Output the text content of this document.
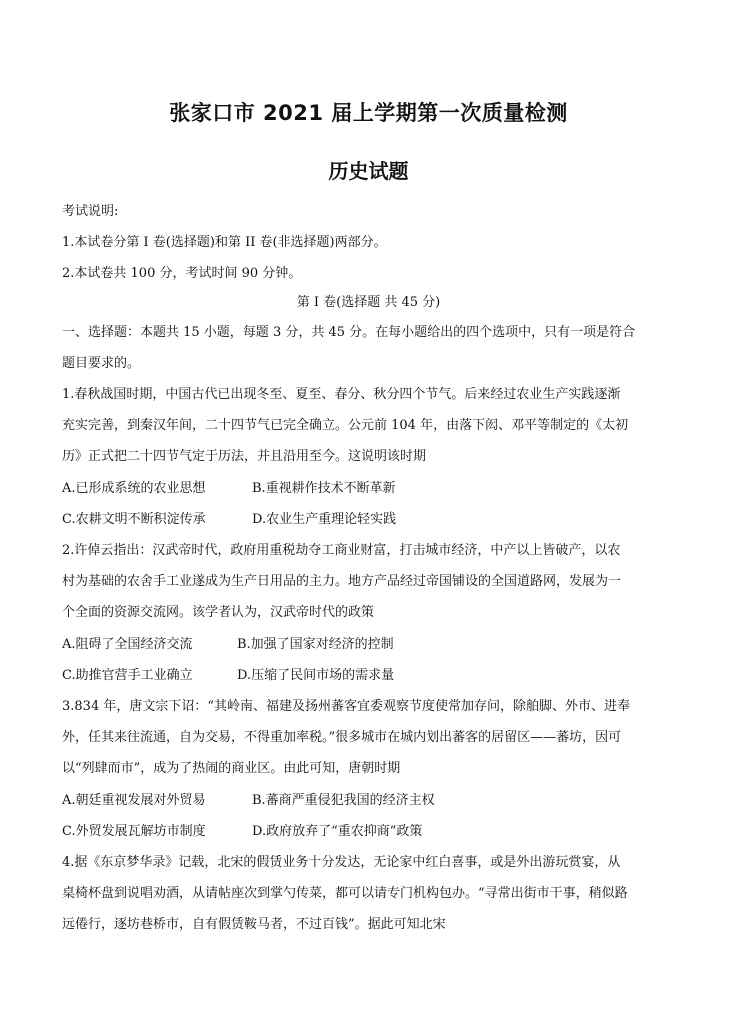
张家口市 2021 届上学期第一次质量检测
历史试题
考试说明:
1.本试卷分第 I 卷(选择题)和第 II 卷(非选择题)两部分。
2.本试卷共 100 分，考试时间 90 分钟。
第 I 卷(选择题 共 45 分)
一、选择题：本题共 15 小题，每题 3 分，共 45 分。在每小题给出的四个选项中，只有一项是符合
题目要求的。
1.春秋战国时期，中国古代已出现冬至、夏至、春分、秋分四个节气。后来经过农业生产实践逐渐
充实完善，到秦汉年间，二十四节气已完全确立。公元前 104 年，由落下闳、邓平等制定的《太初
历》正式把二十四节气定于历法，并且沿用至今。这说明该时期
A.已形成系统的农业思想	B.重视耕作技术不断革新
C.农耕文明不断积淀传承	D.农业生产重理论轻实践
2.许倬云指出：汉武帝时代，政府用重税劫夺工商业财富，打击城市经济，中产以上皆破产，以农
村为基础的农舍手工业遂成为生产日用品的主力。地方产品经过帝国铺设的全国道路网，发展为一
个全面的资源交流网。该学者认为，汉武帝时代的政策
A.阻碍了全国经济交流	B.加强了国家对经济的控制
C.助推官营手工业确立	D.压缩了民间市场的需求量
3.834 年，唐文宗下诏：“其岭南、福建及扬州蕃客宜委观察节度使常加存问，除舶脚、外市、进奉
外，任其来往流通，自为交易，不得重加率税。”很多城市在城内划出蕃客的居留区——蕃坊，因可
以“列肆而市”，成为了热闹的商业区。由此可知，唐朝时期
A.朝廷重视发展对外贸易	B.蕃商严重侵犯我国的经济主权
C.外贸发展瓦解坊市制度	D.政府放弃了“重农抑商”政策
4.据《东京梦华录》记载，北宋的假赁业务十分发达，无论家中红白喜事，或是外出游玩赏宴，从
桌椅杯盘到说唱劝酒，从请帖座次到掌勺传菜，都可以请专门机构包办。“寻常出街市干事，稍似路
远倦行，逐坊巷桥市，自有假赁鞍马者，不过百钱”。据此可知北宋
